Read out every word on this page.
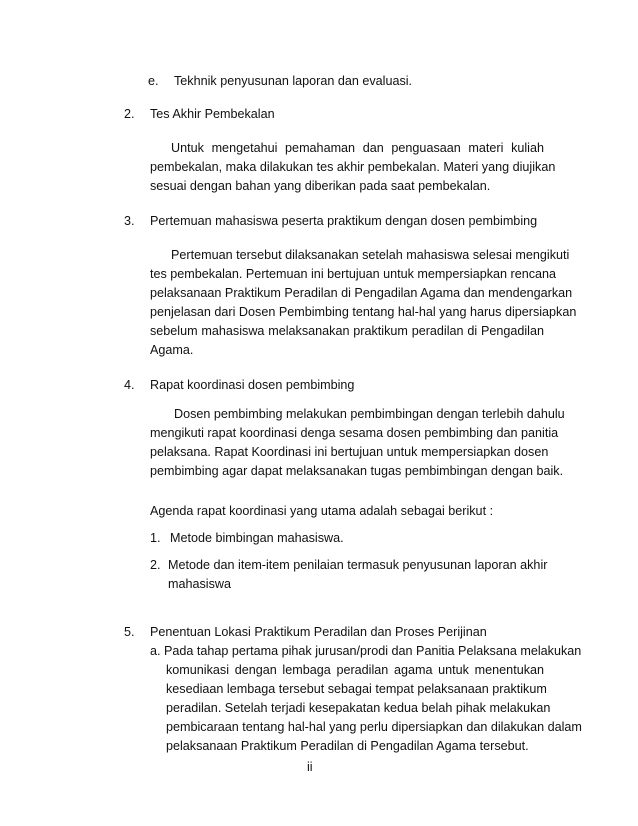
e. Tekhnik penyusunan laporan dan evaluasi.
2. Tes Akhir Pembekalan
Untuk mengetahui pemahaman dan penguasaan materi kuliah
pembekalan, maka dilakukan tes akhir pembekalan. Materi yang diujikan
sesuai dengan bahan yang diberikan pada saat pembekalan.
3. Pertemuan mahasiswa peserta praktikum dengan dosen pembimbing
Pertemuan tersebut dilaksanakan setelah mahasiswa selesai mengikuti
tes pembekalan. Pertemuan ini bertujuan untuk mempersiapkan rencana
pelaksanaan Praktikum Peradilan di Pengadilan Agama dan mendengarkan
penjelasan dari Dosen Pembimbing tentang hal-hal yang harus dipersiapkan
sebelum mahasiswa melaksanakan praktikum peradilan di Pengadilan
Agama.
4. Rapat koordinasi dosen pembimbing
Dosen pembimbing melakukan pembimbingan dengan terlebih dahulu
mengikuti rapat koordinasi denga sesama dosen pembimbing dan panitia
pelaksana. Rapat Koordinasi ini bertujuan untuk mempersiapkan dosen
pembimbing agar dapat melaksanakan tugas pembimbingan dengan baik.
Agenda rapat koordinasi yang utama adalah sebagai berikut :
1. Metode bimbingan mahasiswa.
2. Metode dan item-item penilaian termasuk penyusunan laporan akhir
mahasiswa
5. Penentuan Lokasi Praktikum Peradilan dan Proses Perijinan
a. Pada tahap pertama pihak jurusan/prodi dan Panitia Pelaksana melakukan
komunikasi dengan lembaga peradilan agama untuk menentukan
kesediaan lembaga tersebut sebagai tempat pelaksanaan praktikum
peradilan. Setelah terjadi kesepakatan kedua belah pihak melakukan
pembicaraan tentang hal-hal yang perlu dipersiapkan dan dilakukan dalam
pelaksanaan Praktikum Peradilan di Pengadilan Agama tersebut.
ii
